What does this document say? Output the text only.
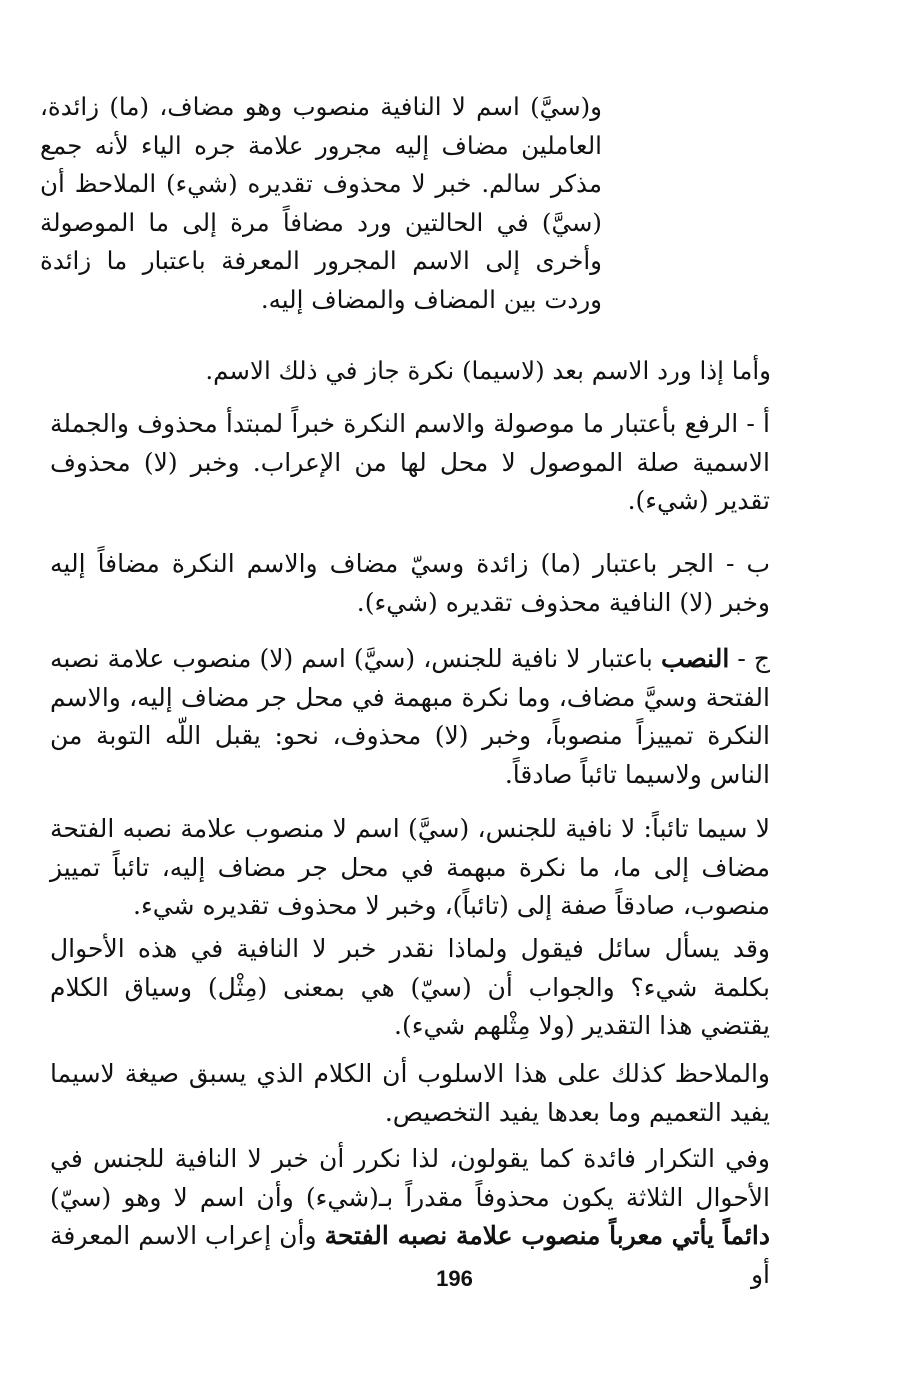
و(سيَّ) اسم لا النافية منصوب وهو مضاف، (ما) زائدة، العاملين مضاف إليه مجرور علامة جره الياء لأنه جمع مذكر سالم. خبر لا محذوف تقديره (شيء) الملاحظ أن (سيَّ) في الحالتين ورد مضافاً مرة إلى ما الموصولة وأخرى إلى الاسم المجرور المعرفة باعتبار ما زائدة وردت بين المضاف والمضاف إليه.

وأما إذا ورد الاسم بعد (لاسيما) نكرة جاز في ذلك الاسم.

أ - الرفع بأعتبار ما موصولة والاسم النكرة خبراً لمبتدأ محذوف والجملة الاسمية صلة الموصول لا محل لها من الإعراب. وخبر (لا) محذوف تقدير (شيء).

ب - الجر باعتبار (ما) زائدة وسيّ مضاف والاسم النكرة مضافاً إليه وخبر (لا) النافية محذوف تقديره (شيء).

ج - النصب باعتبار لا نافية للجنس، (سيَّ) اسم (لا) منصوب علامة نصبه الفتحة وسيَّ مضاف، وما نكرة مبهمة في محل جر مضاف إليه، والاسم النكرة تمييزاً منصوباً، وخبر (لا) محذوف، نحو: يقبل اللّه التوبة من الناس ولاسيما تائباً صادقاً.

لا سيما تائباً: لا نافية للجنس، (سيَّ) اسم لا منصوب علامة نصبه الفتحة مضاف إلى ما، ما نكرة مبهمة في محل جر مضاف إليه، تائباً تمييز منصوب، صادقاً صفة إلى (تائباً)، وخبر لا محذوف تقديره شيء.

وقد يسأل سائل فيقول ولماذا نقدر خبر لا النافية في هذه الأحوال بكلمة شيء؟ والجواب أن (سيّ) هي بمعنى (مِثْل) وسياق الكلام يقتضي هذا التقدير (ولا مِثْلهم شيء).

والملاحظ كذلك على هذا الاسلوب أن الكلام الذي يسبق صيغة لاسيما يفيد التعميم وما بعدها يفيد التخصيص.

وفي التكرار فائدة كما يقولون، لذا نكرر أن خبر لا النافية للجنس في الأحوال الثلاثة يكون محذوفاً مقدراً بـ(شيء) وأن اسم لا وهو (سيّ) دائماً يأتي معرباً منصوب علامة نصبه الفتحة وأن إعراب الاسم المعرفة أو

196
